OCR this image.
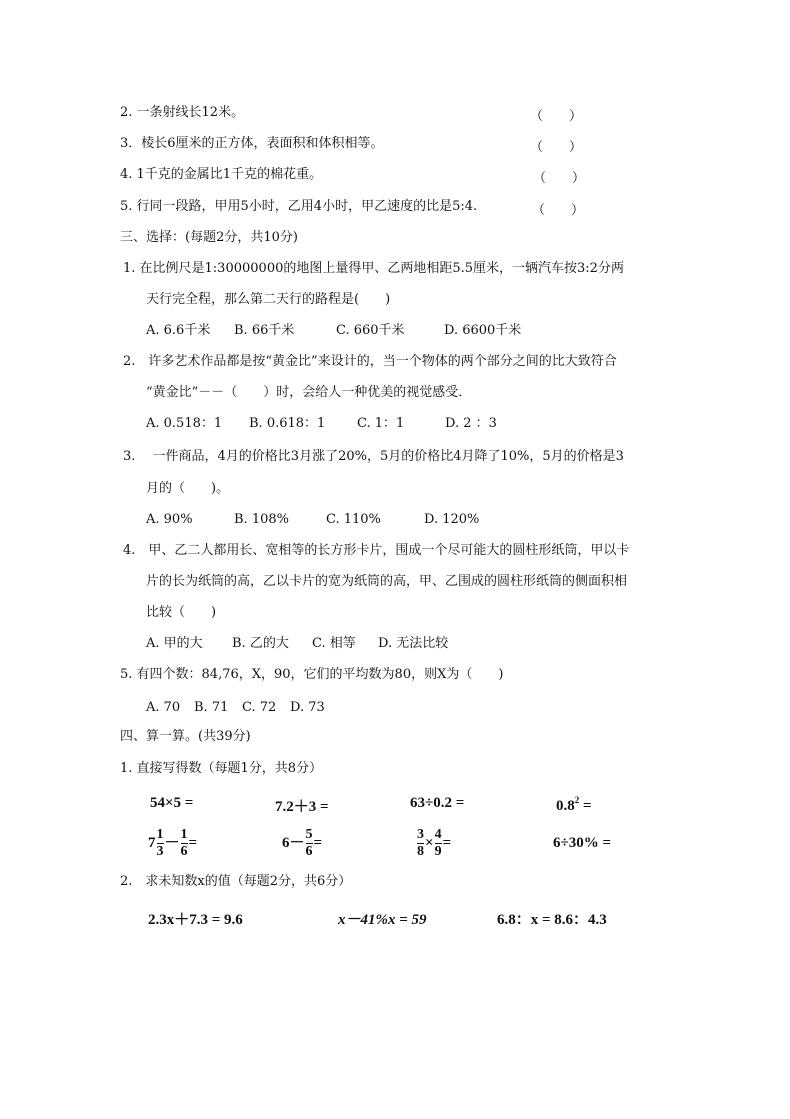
2. 一条射线长12米。	（　　）
3．棱长6厘米的正方体，表面积和体积相等。	（　　）
4. 1千克的金属比1千克的棉花重。	（　　）
5. 行同一段路，甲用5小时，乙用4小时，甲乙速度的比是5:4.	（　　）
三、选择：(每题2分，共10分)
1. 在比例尺是1:30000000的地图上量得甲、乙两地相距5.5厘米，一辆汽车按3:2分两
天行完全程，那么第二天行的路程是(　　)
A. 6.6千米 B. 66千米	C. 660千米	D. 6600千米
2.　许多艺术作品都是按“黄金比”来设计的，当一个物体的两个部分之间的比大致符合
“黄金比”－－（　　）时，会给人一种优美的视觉感受．
A. 0.518：1 B. 0.618：1 C. 1：1	D. 2 ：3
3.　 一件商品，4月的价格比3月涨了20%，5月的价格比4月降了10%，5月的价格是3
月的（　　)。
A. 90%	B. 108%	C. 110%	D. 120%
4.　甲、乙二人都用长、宽相等的长方形卡片，围成一个尽可能大的圆柱形纸筒，甲以卡
片的长为纸筒的高，乙以卡片的宽为纸筒的高，甲、乙围成的圆柱形纸筒的侧面积相
比较（　　)
A. 甲的大 B. 乙的大 C. 相等 D. 无法比较
5. 有四个数：84,76，X，90，它们的平均数为80，则X为（　　)
A. 70 B. 71 C. 72 D. 73
四、算一算。(共39分)
1. 直接写得数（每题1分，共8分）
54×5 =	7.2＋3 =	63÷0.2 =	$0.8^2$ =
$7 \frac{1}{3} - \frac{1}{6}$ =	$6- \frac{5}{6}$ =	$\frac{3}{8} \times \frac{4}{9}$ =	6÷30% =
2.　求未知数x的值（每题2分，共6分）
2.3x＋7.3 = 9.6	x－41%x = 59	6.8：x = 8.6：4.3
